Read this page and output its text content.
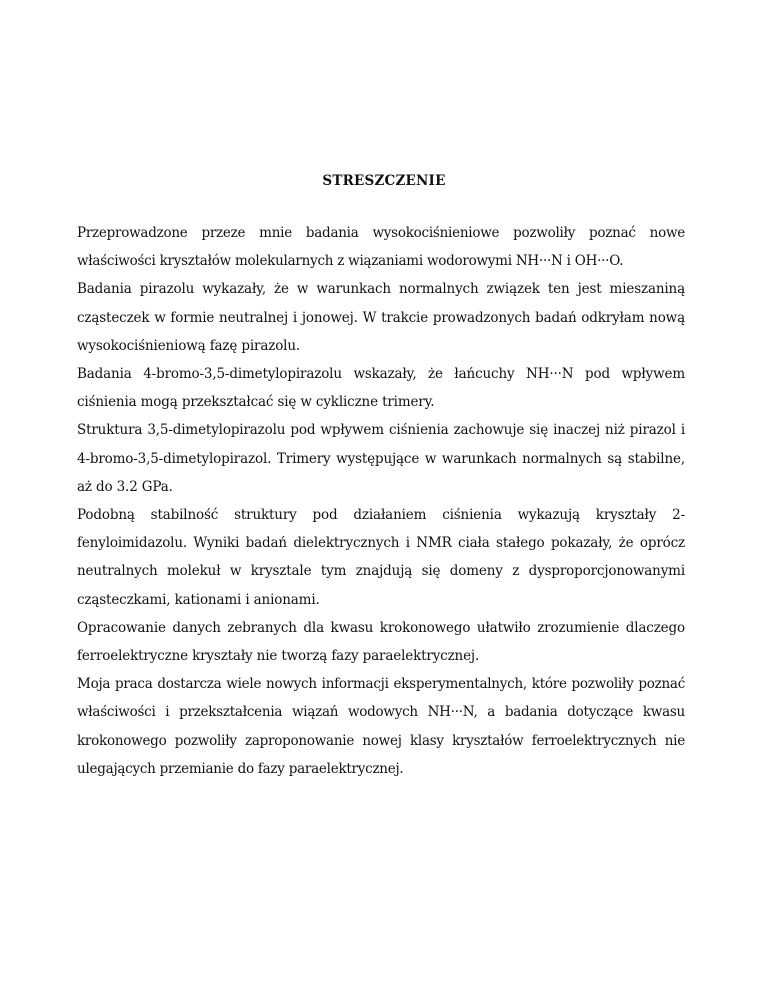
STRESZCZENIE

Przeprowadzone przeze mnie badania wysokociśnieniowe pozwoliły poznać nowe właściwości kryształów molekularnych z wiązaniami wodorowymi NH···N i OH···O.

Badania pirazolu wykazały, że w warunkach normalnych związek ten jest mieszaniną cząsteczek w formie neutralnej i jonowej. W trakcie prowadzonych badań odkryłam nową wysokociśnieniową fazę pirazolu.

Badania 4-bromo-3,5-dimetylopirazolu wskazały, że łańcuchy NH···N pod wpływem ciśnienia mogą przekształcać się w cykliczne trimery.

Struktura 3,5-dimetylopirazolu pod wpływem ciśnienia zachowuje się inaczej niż pirazol i 4-bromo-3,5-dimetylopirazol. Trimery występujące w warunkach normalnych są stabilne, aż do 3.2 GPa.

Podobną stabilność struktury pod działaniem ciśnienia wykazują kryształy 2-fenyloimidazolu. Wyniki badań dielektrycznych i NMR ciała stałego pokazały, że oprócz neutralnych molekuł w krysztale tym znajdują się domeny z dysproporcjonowanymi cząsteczkami, kationami i anionami.

Opracowanie danych zebranych dla kwasu krokonowego ułatwiło zrozumienie dlaczego ferroelektryczne kryształy nie tworzą fazy paraelektrycznej.

Moja praca dostarcza wiele nowych informacji eksperymentalnych, które pozwoliły poznać właściwości i przekształcenia wiązań wodowych NH···N, a badania dotyczące kwasu krokonowego pozwoliły zaproponowanie nowej klasy kryształów ferroelektrycznych nie ulegających przemianie do fazy paraelektrycznej.
